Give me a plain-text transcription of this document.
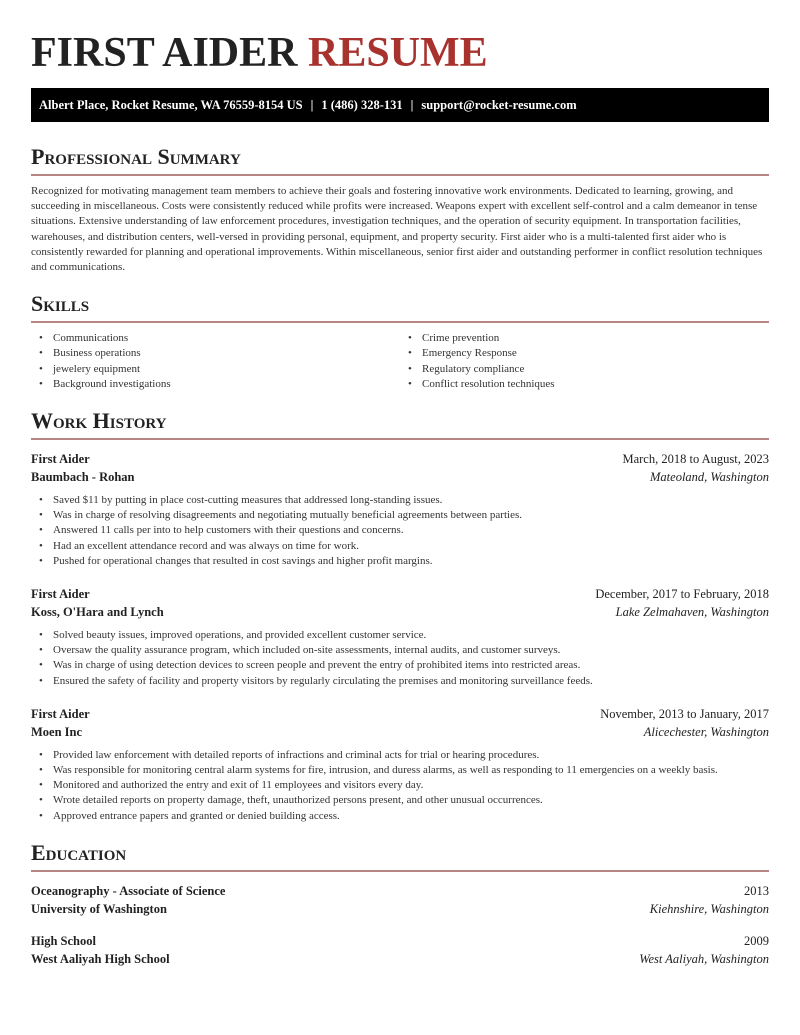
FIRST AIDER RESUME
Albert Place, Rocket Resume, WA 76559-8154 US | 1 (486) 328-131 | support@rocket-resume.com
Professional Summary

Recognized for motivating management team members to achieve their goals and fostering innovative work environments. Dedicated to learning, growing, and succeeding in miscellaneous. Costs were consistently reduced while profits were increased. Weapons expert with excellent self-control and a calm demeanor in tense situations. Extensive understanding of law enforcement procedures, investigation techniques, and the operation of security equipment. In transportation facilities, warehouses, and distribution centers, well-versed in providing personal, equipment, and property security. First aider who is a multi-talented first aider who is consistently rewarded for planning and operational improvements. Within miscellaneous, senior first aider and outstanding performer in conflict resolution techniques and communications.

Skills
• Communications
• Business operations
• jewelery equipment
• Background investigations
• Crime prevention
• Emergency Response
• Regulatory compliance
• Conflict resolution techniques
Work History
First Aider	March, 2018 to August, 2023
Baumbach - Rohan	Mateoland, Washington
• Saved $11 by putting in place cost-cutting measures that addressed long-standing issues.
• Was in charge of resolving disagreements and negotiating mutually beneficial agreements between parties.
• Answered 11 calls per into to help customers with their questions and concerns.
• Had an excellent attendance record and was always on time for work.
• Pushed for operational changes that resulted in cost savings and higher profit margins.
First Aider	December, 2017 to February, 2018
Koss, O'Hara and Lynch	Lake Zelmahaven, Washington
• Solved beauty issues, improved operations, and provided excellent customer service.
• Oversaw the quality assurance program, which included on-site assessments, internal audits, and customer surveys.
• Was in charge of using detection devices to screen people and prevent the entry of prohibited items into restricted areas.
• Ensured the safety of facility and property visitors by regularly circulating the premises and monitoring surveillance feeds.
First Aider	November, 2013 to January, 2017
Moen Inc	Alicechester, Washington
• Provided law enforcement with detailed reports of infractions and criminal acts for trial or hearing procedures.
• Was responsible for monitoring central alarm systems for fire, intrusion, and duress alarms, as well as responding to 11 emergencies on a weekly basis.
• Monitored and authorized the entry and exit of 11 employees and visitors every day.
• Wrote detailed reports on property damage, theft, unauthorized persons present, and other unusual occurrences.
• Approved entrance papers and granted or denied building access.
Education
Oceanography - Associate of Science	2013
University of Washington	Kiehnshire, Washington
High School	2009
West Aaliyah High School	West Aaliyah, Washington
